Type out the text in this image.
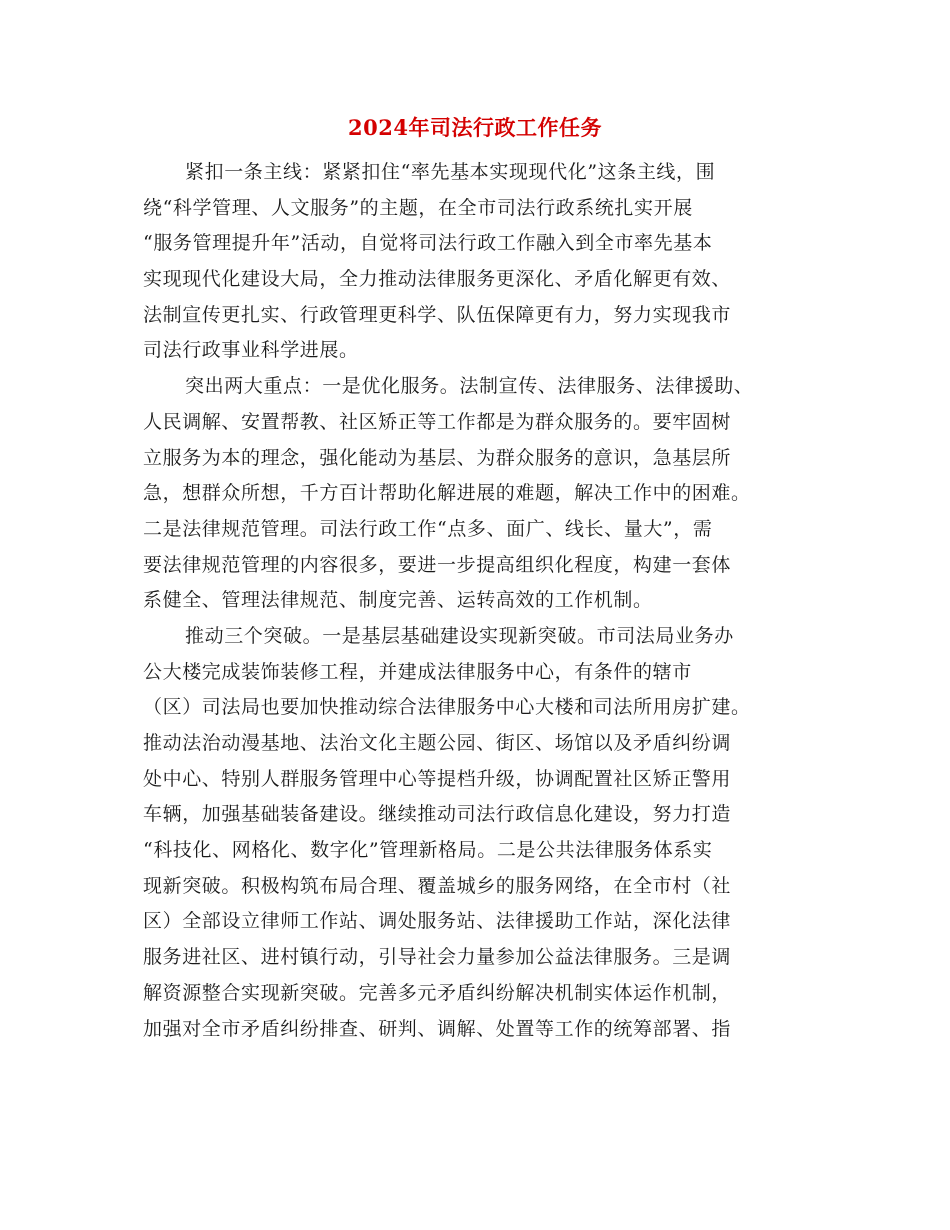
2024年司法行政工作任务
紧扣一条主线：紧紧扣住“率先基本实现现代化”这条主线，围
绕“科学管理、人文服务”的主题，在全市司法行政系统扎实开展
“服务管理提升年”活动，自觉将司法行政工作融入到全市率先基本
实现现代化建设大局，全力推动法律服务更深化、矛盾化解更有效、
法制宣传更扎实、行政管理更科学、队伍保障更有力，努力实现我市
司法行政事业科学进展。
突出两大重点：一是优化服务。法制宣传、法律服务、法律援助、
人民调解、安置帮教、社区矫正等工作都是为群众服务的。要牢固树
立服务为本的理念，强化能动为基层、为群众服务的意识，急基层所
急，想群众所想，千方百计帮助化解进展的难题，解决工作中的困难。
二是法律规范管理。司法行政工作“点多、面广、线长、量大”，需
要法律规范管理的内容很多，要进一步提高组织化程度，构建一套体
系健全、管理法律规范、制度完善、运转高效的工作机制。
推动三个突破。一是基层基础建设实现新突破。市司法局业务办
公大楼完成装饰装修工程，并建成法律服务中心，有条件的辖市
（区）司法局也要加快推动综合法律服务中心大楼和司法所用房扩建。
推动法治动漫基地、法治文化主题公园、街区、场馆以及矛盾纠纷调
处中心、特别人群服务管理中心等提档升级，协调配置社区矫正警用
车辆，加强基础装备建设。继续推动司法行政信息化建设，努力打造
“科技化、网格化、数字化”管理新格局。二是公共法律服务体系实
现新突破。积极构筑布局合理、覆盖城乡的服务网络，在全市村（社
区）全部设立律师工作站、调处服务站、法律援助工作站，深化法律
服务进社区、进村镇行动，引导社会力量参加公益法律服务。三是调
解资源整合实现新突破。完善多元矛盾纠纷解决机制实体运作机制，
加强对全市矛盾纠纷排查、研判、调解、处置等工作的统筹部署、指
